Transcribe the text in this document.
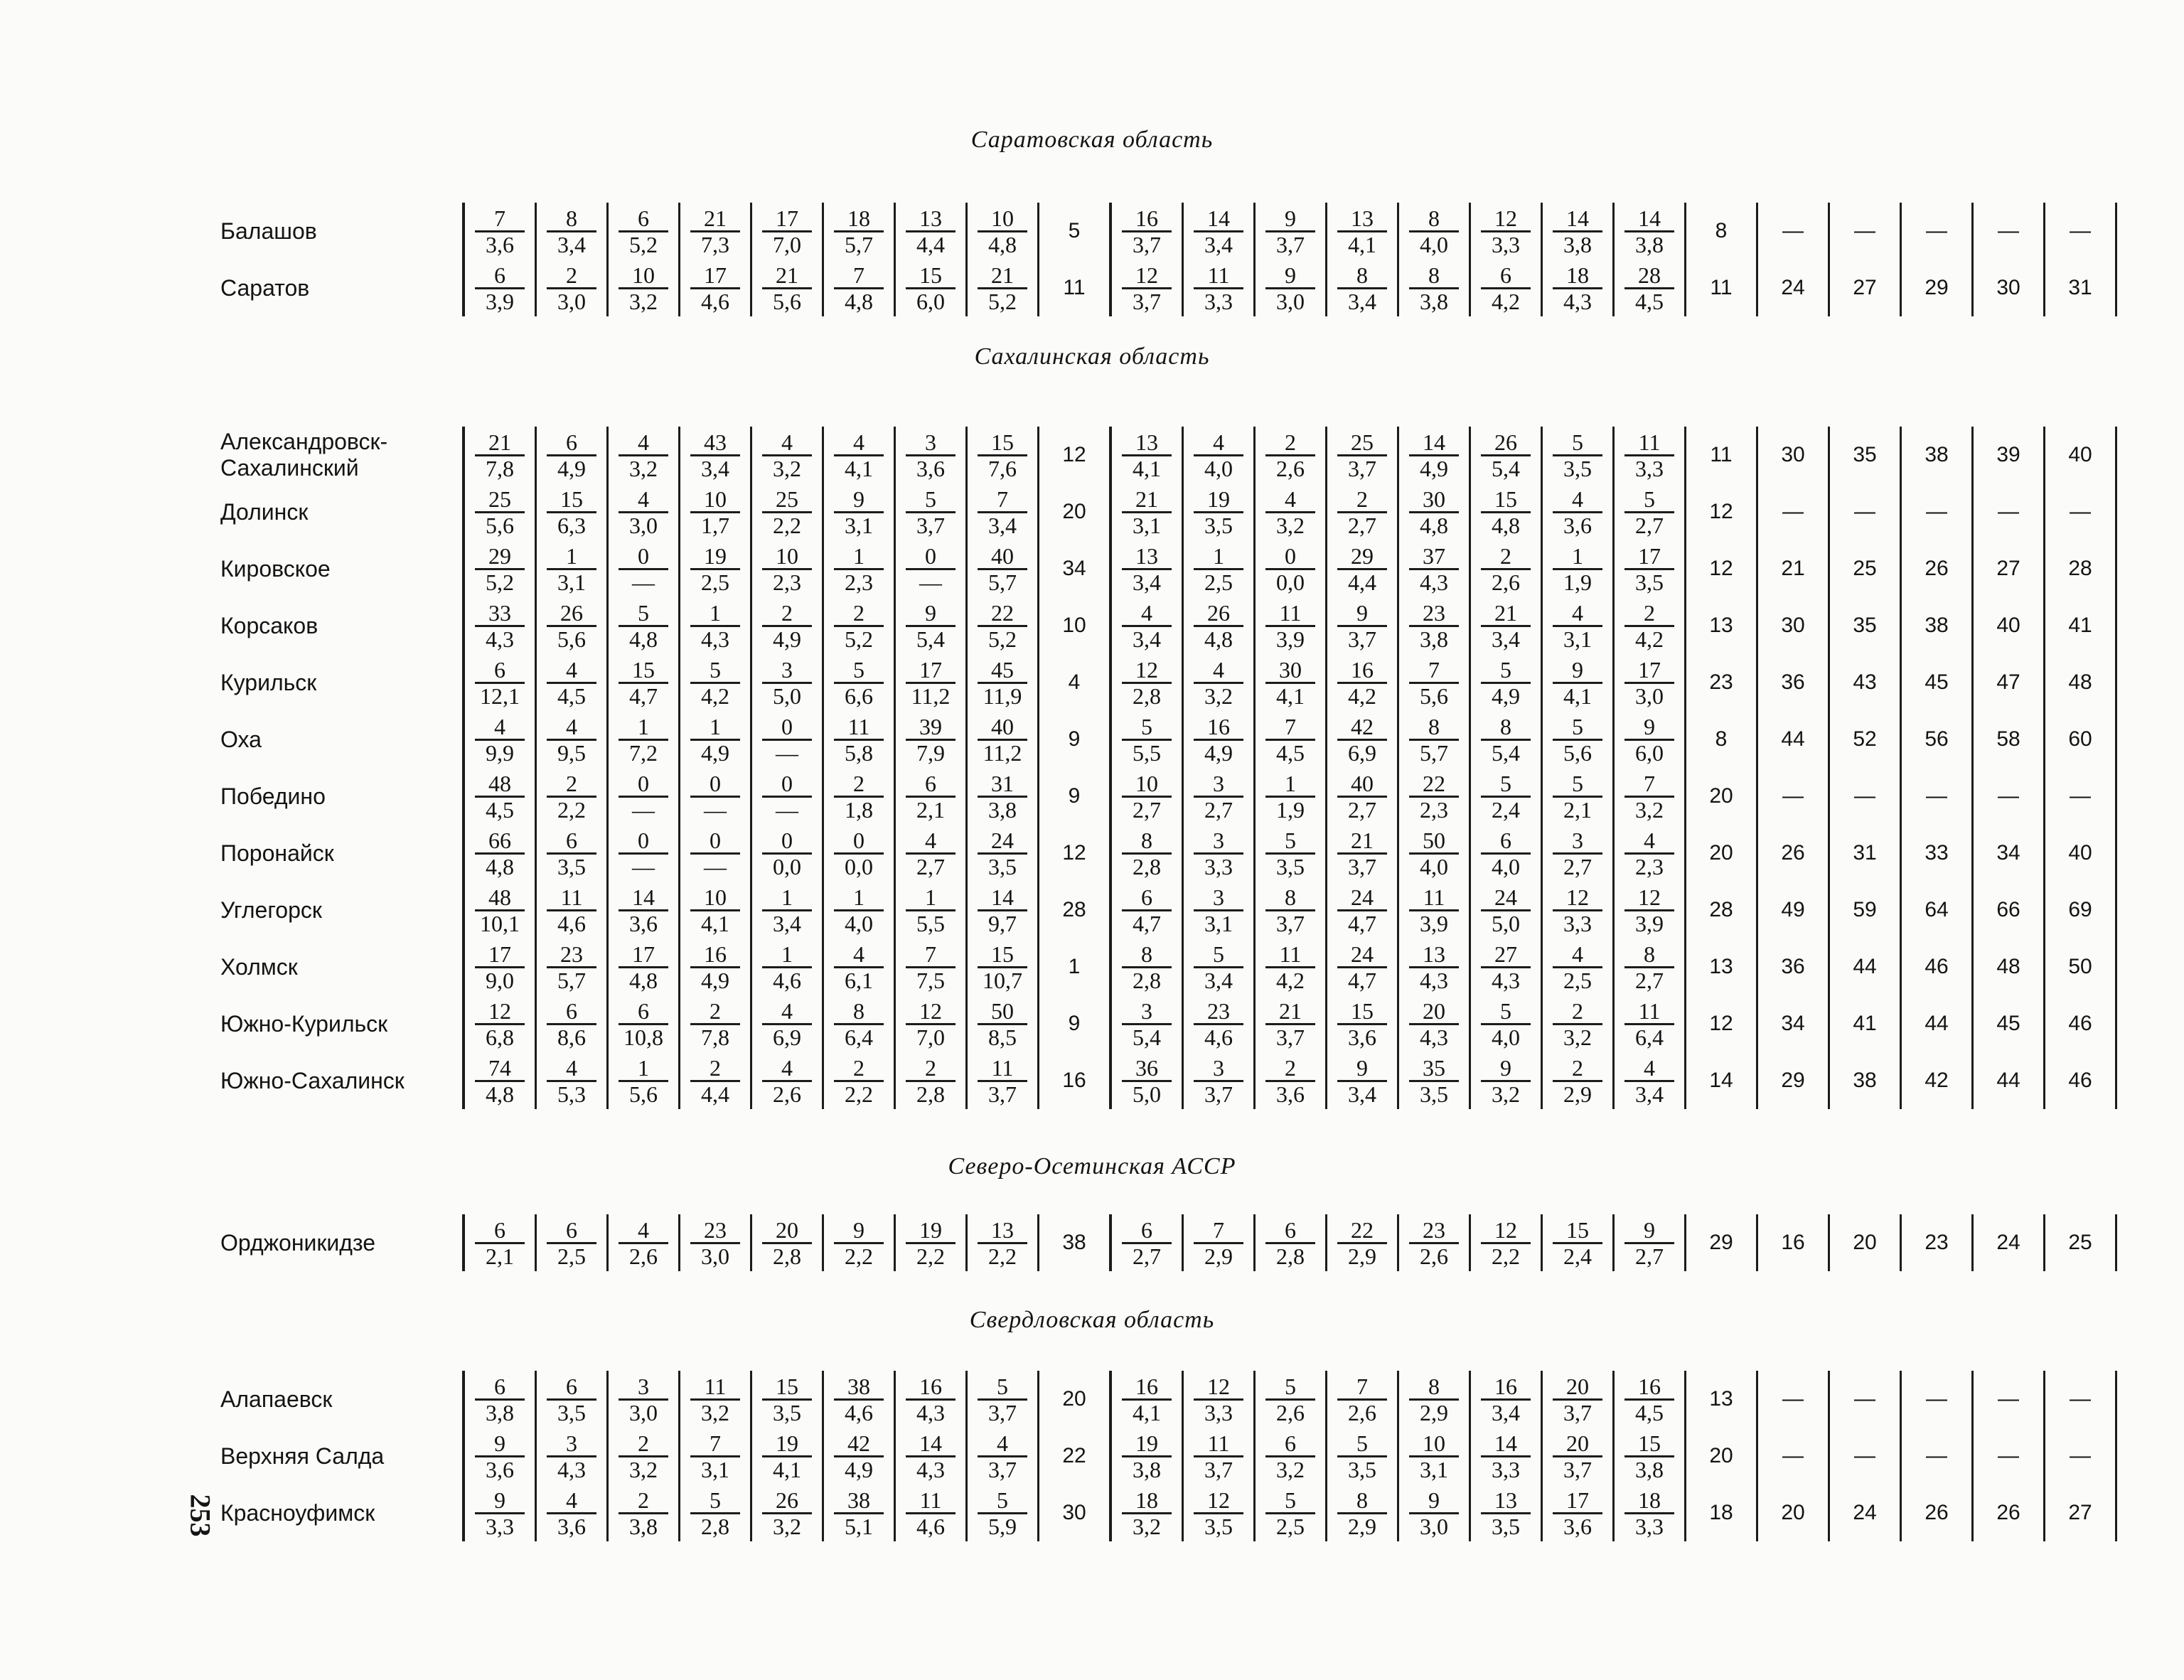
Саратовская область
Балашов	$\frac{7}{3,6}$	$\frac{8}{3,4}$	$\frac{6}{5,2}$	$\frac{21}{7,3}$	$\frac{17}{7,0}$	$\frac{18}{5,7}$	$\frac{13}{4,4}$	$\frac{10}{4,8}$	5	$\frac{16}{3,7}$	$\frac{14}{3,4}$	$\frac{9}{3,7}$	$\frac{13}{4,1}$	$\frac{8}{4,0}$	$\frac{12}{3,3}$	$\frac{14}{3,8}$	$\frac{14}{3,8}$	8	—	—	—	—	—
Саратов	$\frac{6}{3,9}$	$\frac{2}{3,0}$	$\frac{10}{3,2}$	$\frac{17}{4,6}$	$\frac{21}{5,6}$	$\frac{7}{4,8}$	$\frac{15}{6,0}$	$\frac{21}{5,2}$	11	$\frac{12}{3,7}$	$\frac{11}{3,3}$	$\frac{9}{3,0}$	$\frac{8}{3,4}$	$\frac{8}{3,8}$	$\frac{6}{4,2}$	$\frac{18}{4,3}$	$\frac{28}{4,5}$	11	24	27	29	30	31
Сахалинская область
Александровск-Сахалинский	$\frac{21}{7,8}$	$\frac{6}{4,9}$	$\frac{4}{3,2}$	$\frac{43}{3,4}$	$\frac{4}{3,2}$	$\frac{4}{4,1}$	$\frac{3}{3,6}$	$\frac{15}{7,6}$	12	$\frac{13}{4,1}$	$\frac{4}{4,0}$	$\frac{2}{2,6}$	$\frac{25}{3,7}$	$\frac{14}{4,9}$	$\frac{26}{5,4}$	$\frac{5}{3,5}$	$\frac{11}{3,3}$	11	30	35	38	39	40
Долинск	$\frac{25}{5,6}$	$\frac{15}{6,3}$	$\frac{4}{3,0}$	$\frac{10}{1,7}$	$\frac{25}{2,2}$	$\frac{9}{3,1}$	$\frac{5}{3,7}$	$\frac{7}{3,4}$	20	$\frac{21}{3,1}$	$\frac{19}{3,5}$	$\frac{4}{3,2}$	$\frac{2}{2,7}$	$\frac{30}{4,8}$	$\frac{15}{4,8}$	$\frac{4}{3,6}$	$\frac{5}{2,7}$	12	—	—	—	—	—
Кировское	$\frac{29}{5,2}$	$\frac{1}{3,1}$	$\frac{0}{—}$	$\frac{19}{2,5}$	$\frac{10}{2,3}$	$\frac{1}{2,3}$	$\frac{0}{—}$	$\frac{40}{5,7}$	34	$\frac{13}{3,4}$	$\frac{1}{2,5}$	$\frac{0}{0,0}$	$\frac{29}{4,4}$	$\frac{37}{4,3}$	$\frac{2}{2,6}$	$\frac{1}{1,9}$	$\frac{17}{3,5}$	12	21	25	26	27	28
Корсаков	$\frac{33}{4,3}$	$\frac{26}{5,6}$	$\frac{5}{4,8}$	$\frac{1}{4,3}$	$\frac{2}{4,9}$	$\frac{2}{5,2}$	$\frac{9}{5,4}$	$\frac{22}{5,2}$	10	$\frac{4}{3,4}$	$\frac{26}{4,8}$	$\frac{11}{3,9}$	$\frac{9}{3,7}$	$\frac{23}{3,8}$	$\frac{21}{3,4}$	$\frac{4}{3,1}$	$\frac{2}{4,2}$	13	30	35	38	40	41
Курильск	$\frac{6}{12,1}$	$\frac{4}{4,5}$	$\frac{15}{4,7}$	$\frac{5}{4,2}$	$\frac{3}{5,0}$	$\frac{5}{6,6}$	$\frac{17}{11,2}$	$\frac{45}{11,9}$	4	$\frac{12}{2,8}$	$\frac{4}{3,2}$	$\frac{30}{4,1}$	$\frac{16}{4,2}$	$\frac{7}{5,6}$	$\frac{5}{4,9}$	$\frac{9}{4,1}$	$\frac{17}{3,0}$	23	36	43	45	47	48
Оха	$\frac{4}{9,9}$	$\frac{4}{9,5}$	$\frac{1}{7,2}$	$\frac{1}{4,9}$	$\frac{0}{—}$	$\frac{11}{5,8}$	$\frac{39}{7,9}$	$\frac{40}{11,2}$	9	$\frac{5}{5,5}$	$\frac{16}{4,9}$	$\frac{7}{4,5}$	$\frac{42}{6,9}$	$\frac{8}{5,7}$	$\frac{8}{5,4}$	$\frac{5}{5,6}$	$\frac{9}{6,0}$	8	44	52	56	58	60
Победино	$\frac{48}{4,5}$	$\frac{2}{2,2}$	$\frac{0}{—}$	$\frac{0}{—}$	$\frac{0}{—}$	$\frac{2}{1,8}$	$\frac{6}{2,1}$	$\frac{31}{3,8}$	9	$\frac{10}{2,7}$	$\frac{3}{2,7}$	$\frac{1}{1,9}$	$\frac{40}{2,7}$	$\frac{22}{2,3}$	$\frac{5}{2,4}$	$\frac{5}{2,1}$	$\frac{7}{3,2}$	20	—	—	—	—	—
Поронайск	$\frac{66}{4,8}$	$\frac{6}{3,5}$	$\frac{0}{—}$	$\frac{0}{—}$	$\frac{0}{0,0}$	$\frac{0}{0,0}$	$\frac{4}{2,7}$	$\frac{24}{3,5}$	12	$\frac{8}{2,8}$	$\frac{3}{3,3}$	$\frac{5}{3,5}$	$\frac{21}{3,7}$	$\frac{50}{4,0}$	$\frac{6}{4,0}$	$\frac{3}{2,7}$	$\frac{4}{2,3}$	20	26	31	33	34	40
Углегорск	$\frac{48}{10,1}$	$\frac{11}{4,6}$	$\frac{14}{3,6}$	$\frac{10}{4,1}$	$\frac{1}{3,4}$	$\frac{1}{4,0}$	$\frac{1}{5,5}$	$\frac{14}{9,7}$	28	$\frac{6}{4,7}$	$\frac{3}{3,1}$	$\frac{8}{3,7}$	$\frac{24}{4,7}$	$\frac{11}{3,9}$	$\frac{24}{5,0}$	$\frac{12}{3,3}$	$\frac{12}{3,9}$	28	49	59	64	66	69
Холмск	$\frac{17}{9,0}$	$\frac{23}{5,7}$	$\frac{17}{4,8}$	$\frac{16}{4,9}$	$\frac{1}{4,6}$	$\frac{4}{6,1}$	$\frac{7}{7,5}$	$\frac{15}{10,7}$	1	$\frac{8}{2,8}$	$\frac{5}{3,4}$	$\frac{11}{4,2}$	$\frac{24}{4,7}$	$\frac{13}{4,3}$	$\frac{27}{4,3}$	$\frac{4}{2,5}$	$\frac{8}{2,7}$	13	36	44	46	48	50
Южно-Курильск	$\frac{12}{6,8}$	$\frac{6}{8,6}$	$\frac{6}{10,8}$	$\frac{2}{7,8}$	$\frac{4}{6,9}$	$\frac{8}{6,4}$	$\frac{12}{7,0}$	$\frac{50}{8,5}$	9	$\frac{3}{5,4}$	$\frac{23}{4,6}$	$\frac{21}{3,7}$	$\frac{15}{3,6}$	$\frac{20}{4,3}$	$\frac{5}{4,0}$	$\frac{2}{3,2}$	$\frac{11}{6,4}$	12	34	41	44	45	46
Южно-Сахалинск	$\frac{74}{4,8}$	$\frac{4}{5,3}$	$\frac{1}{5,6}$	$\frac{2}{4,4}$	$\frac{4}{2,6}$	$\frac{2}{2,2}$	$\frac{2}{2,8}$	$\frac{11}{3,7}$	16	$\frac{36}{5,0}$	$\frac{3}{3,7}$	$\frac{2}{3,6}$	$\frac{9}{3,4}$	$\frac{35}{3,5}$	$\frac{9}{3,2}$	$\frac{2}{2,9}$	$\frac{4}{3,4}$	14	29	38	42	44	46
Северо-Осетинская АССР
Орджоникидзе	$\frac{6}{2,1}$	$\frac{6}{2,5}$	$\frac{4}{2,6}$	$\frac{23}{3,0}$	$\frac{20}{2,8}$	$\frac{9}{2,2}$	$\frac{19}{2,2}$	$\frac{13}{2,2}$	38	$\frac{6}{2,7}$	$\frac{7}{2,9}$	$\frac{6}{2,8}$	$\frac{22}{2,9}$	$\frac{23}{2,6}$	$\frac{12}{2,2}$	$\frac{15}{2,4}$	$\frac{9}{2,7}$	29	16	20	23	24	25
Свердловская область
Алапаевск	$\frac{6}{3,8}$	$\frac{6}{3,5}$	$\frac{3}{3,0}$	$\frac{11}{3,2}$	$\frac{15}{3,5}$	$\frac{38}{4,6}$	$\frac{16}{4,3}$	$\frac{5}{3,7}$	20	$\frac{16}{4,1}$	$\frac{12}{3,3}$	$\frac{5}{2,6}$	$\frac{7}{2,6}$	$\frac{8}{2,9}$	$\frac{16}{3,4}$	$\frac{20}{3,7}$	$\frac{16}{4,5}$	13	—	—	—	—	—
Верхняя Салда	$\frac{9}{3,6}$	$\frac{3}{4,3}$	$\frac{2}{3,2}$	$\frac{7}{3,1}$	$\frac{19}{4,1}$	$\frac{42}{4,9}$	$\frac{14}{4,3}$	$\frac{4}{3,7}$	22	$\frac{19}{3,8}$	$\frac{11}{3,7}$	$\frac{6}{3,2}$	$\frac{5}{3,5}$	$\frac{10}{3,1}$	$\frac{14}{3,3}$	$\frac{20}{3,7}$	$\frac{15}{3,8}$	20	—	—	—	—	—
Красноуфимск	$\frac{9}{3,3}$	$\frac{4}{3,6}$	$\frac{2}{3,8}$	$\frac{5}{2,8}$	$\frac{26}{3,2}$	$\frac{38}{5,1}$	$\frac{11}{4,6}$	$\frac{5}{5,9}$	30	$\frac{18}{3,2}$	$\frac{12}{3,5}$	$\frac{5}{2,5}$	$\frac{8}{2,9}$	$\frac{9}{3,0}$	$\frac{13}{3,5}$	$\frac{17}{3,6}$	$\frac{18}{3,3}$	18	20	24	26	26	27
253
